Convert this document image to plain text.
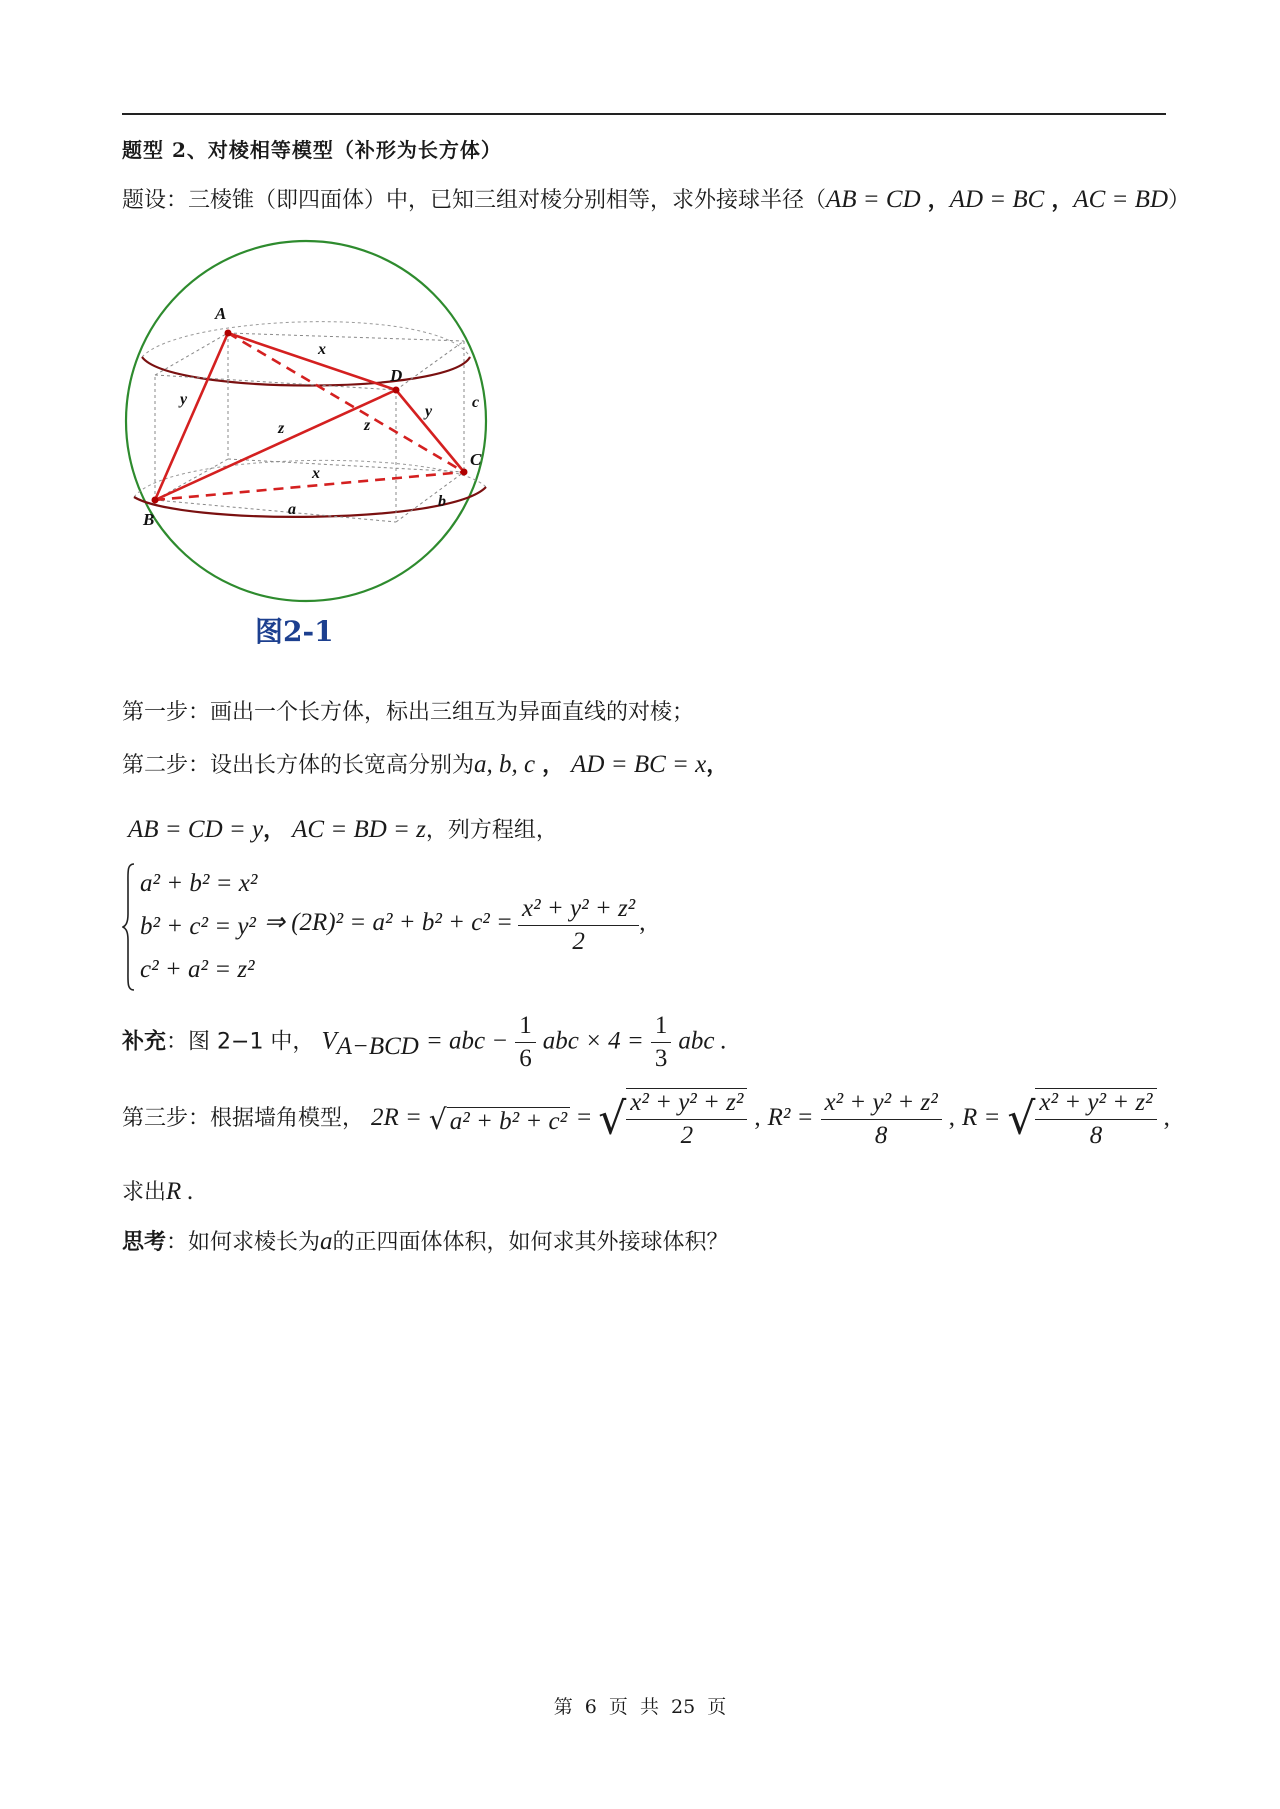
题型 2、对棱相等模型（补形为长方体）
题设：三棱锥（即四面体）中，已知三组对棱分别相等，求外接球半径（AB = CD ，AD = BC ，AC = BD）
A
D
B
C
x
x
y
y
z	z
a	b
c
图2-1
第一步：画出一个长方体，标出三组互为异面直线的对棱；
第二步：设出长方体的长宽高分别为a, b, c ， AD = BC = x，
AB = CD = y， AC = BD = z，列方程组，
a² + b² = x²
b² + c² = y²
c² + a² = z²
⇒ $(2R)^2 = a^2 + b^2 + c^2 = \frac{\text{x² + y² + z²}}{2}$ ,
补充：图 2−1 中， $V_{A-BCD}$ = abc − $\frac{1}{6}$ abc × $4 = \frac{1}{3}$ abc .
第三步：根据墙角模型， 2R = √ a² + b² + c² = √ $\frac{\text{x² + y² + z²}}{2}$ , $R^2 = \frac{\text{x² + y² + z²}}{8}$ , R = √ $\frac{\text{x² + y² + z²}}{8}$ ,
求出R .
思考：如何求棱长为a的正四面体体积，如何求其外接球体积？
第 6 页 共 25 页
